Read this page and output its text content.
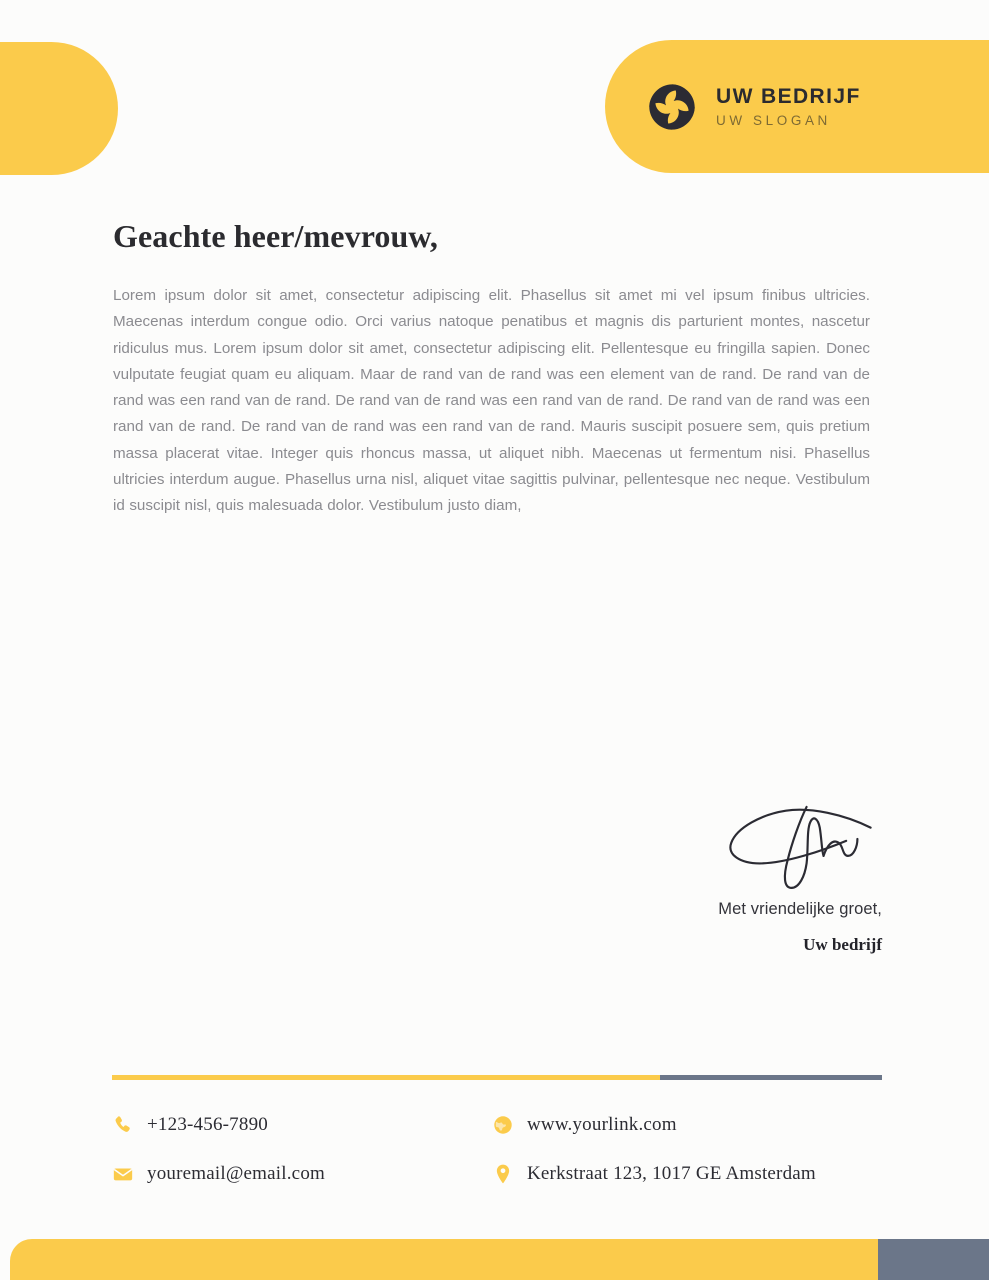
UW BEDRIJF
UW SLOGAN
Geachte heer/mevrouw,

Lorem ipsum dolor sit amet, consectetur adipiscing elit. Phasellus sit amet mi vel ipsum finibus ultricies. Maecenas interdum congue odio. Orci varius natoque penatibus et magnis dis parturient montes, nascetur ridiculus mus. Lorem ipsum dolor sit amet, consectetur adipiscing elit. Pellentesque eu fringilla sapien. Donec vulputate feugiat quam eu aliquam. Maar de rand van de rand was een element van de rand. De rand van de rand was een rand van de rand. De rand van de rand was een rand van de rand. De rand van de rand was een rand van de rand. De rand van de rand was een rand van de rand. Mauris suscipit posuere sem, quis pretium massa placerat vitae. Integer quis rhoncus massa, ut aliquet nibh. Maecenas ut fermentum nisi. Phasellus ultricies interdum augue. Phasellus urna nisl, aliquet vitae sagittis pulvinar, pellentesque nec neque. Vestibulum id suscipit nisl, quis malesuada dolor. Vestibulum justo diam,

Met vriendelijke groet,
Uw bedrijf
+123-456-7890	www.yourlink.com
youremail@email.com	Kerkstraat 123, 1017 GE Amsterdam
